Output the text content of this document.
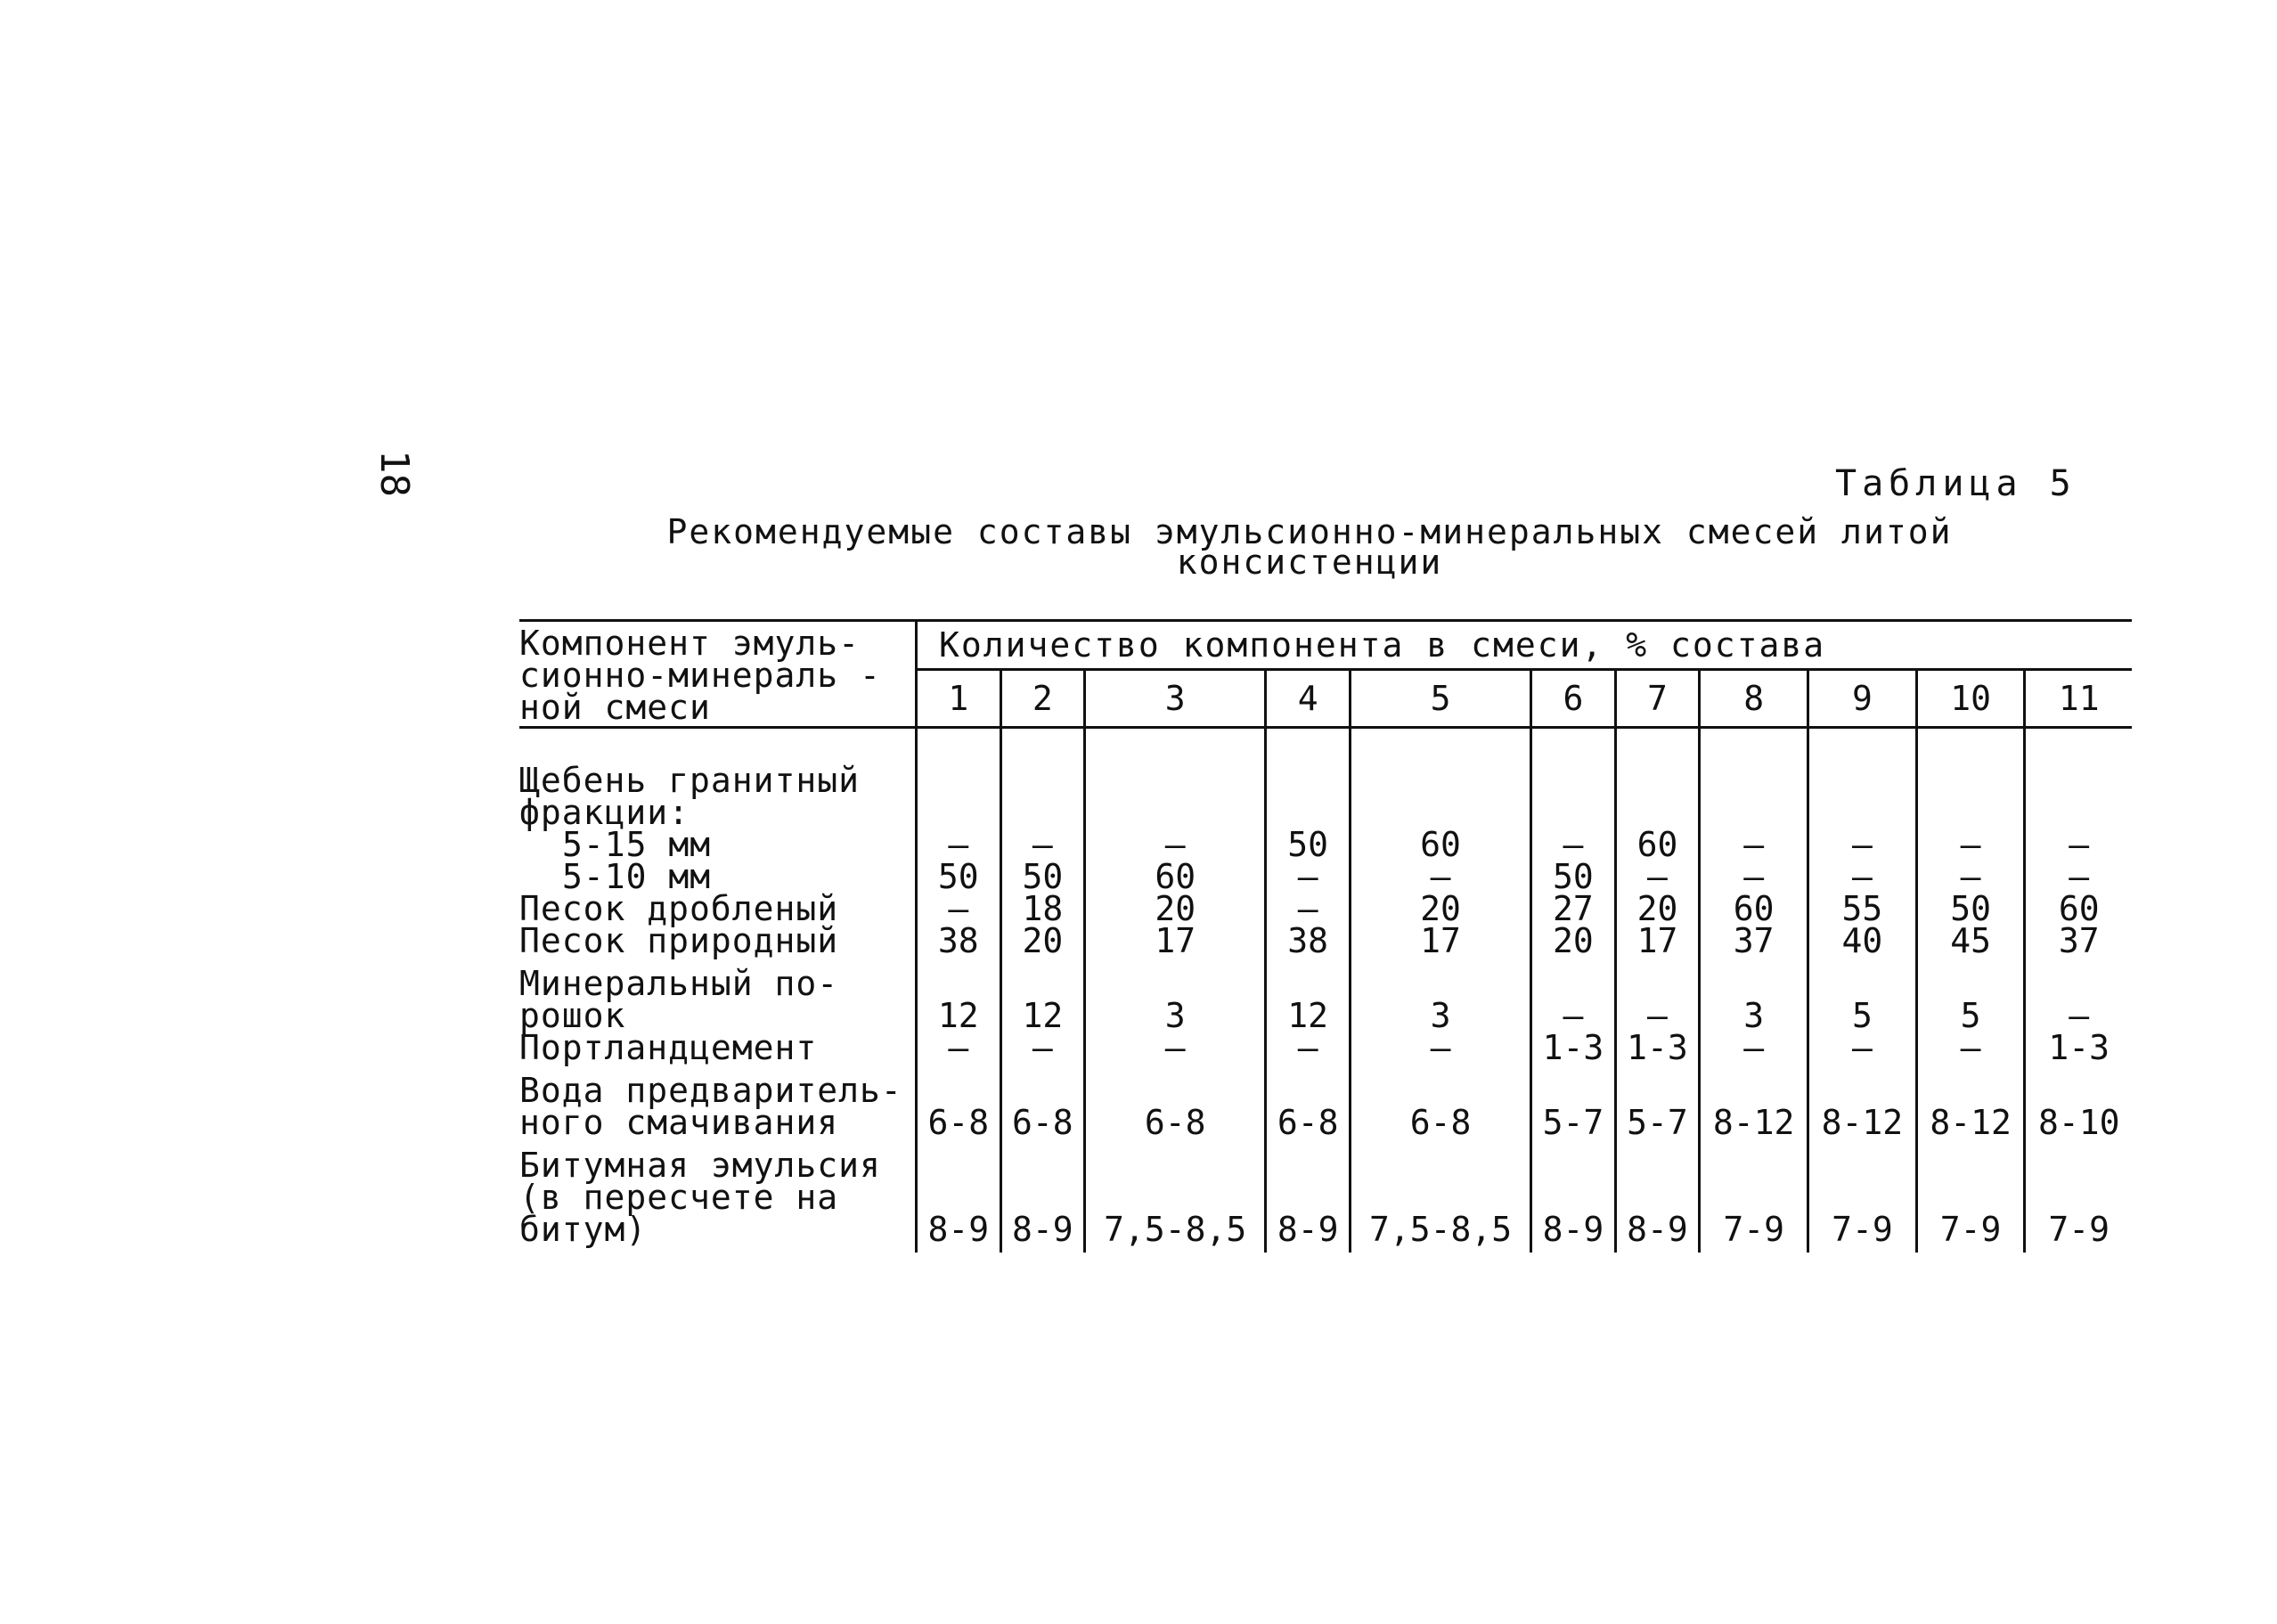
18	Таблица 5
Рекомендуемые составы эмульсионно-минеральных смесей литой
консистенции
Компонент эмуль-
сионно-минераль -
ной смеси	Количество компонента в смеси, % состава										
	1	2	3	4	5	6	7	8	9	10	11

Щебень гранитный
фракции:											

5-15 мм	–	–	–	50	60	–	60	–	–	–	–

5-10 мм	50	50	60	–	–	50	–	–	–	–	–

Песок дробленый	–	18	20	–	20	27	20	60	55	50	60

Песок природный	38	20	17	38	17	20	17	37	40	45	37

Минеральный по-
рошок	12	12	3	12	3	–	–	3	5	5	–

Портландцемент	–	–	–	–	–	1-3	1-3	–	–	–	1-3

Вода предваритель-
ного смачивания	6-8	6-8	6-8	6-8	6-8	5-7	5-7	8-12	8-12	8-12	8-10

Битумная эмульсия
(в пересчете на
битум)	8-9	8-9	7,5-8,5	8-9	7,5-8,5	8-9	8-9	7-9	7-9	7-9	7-9
